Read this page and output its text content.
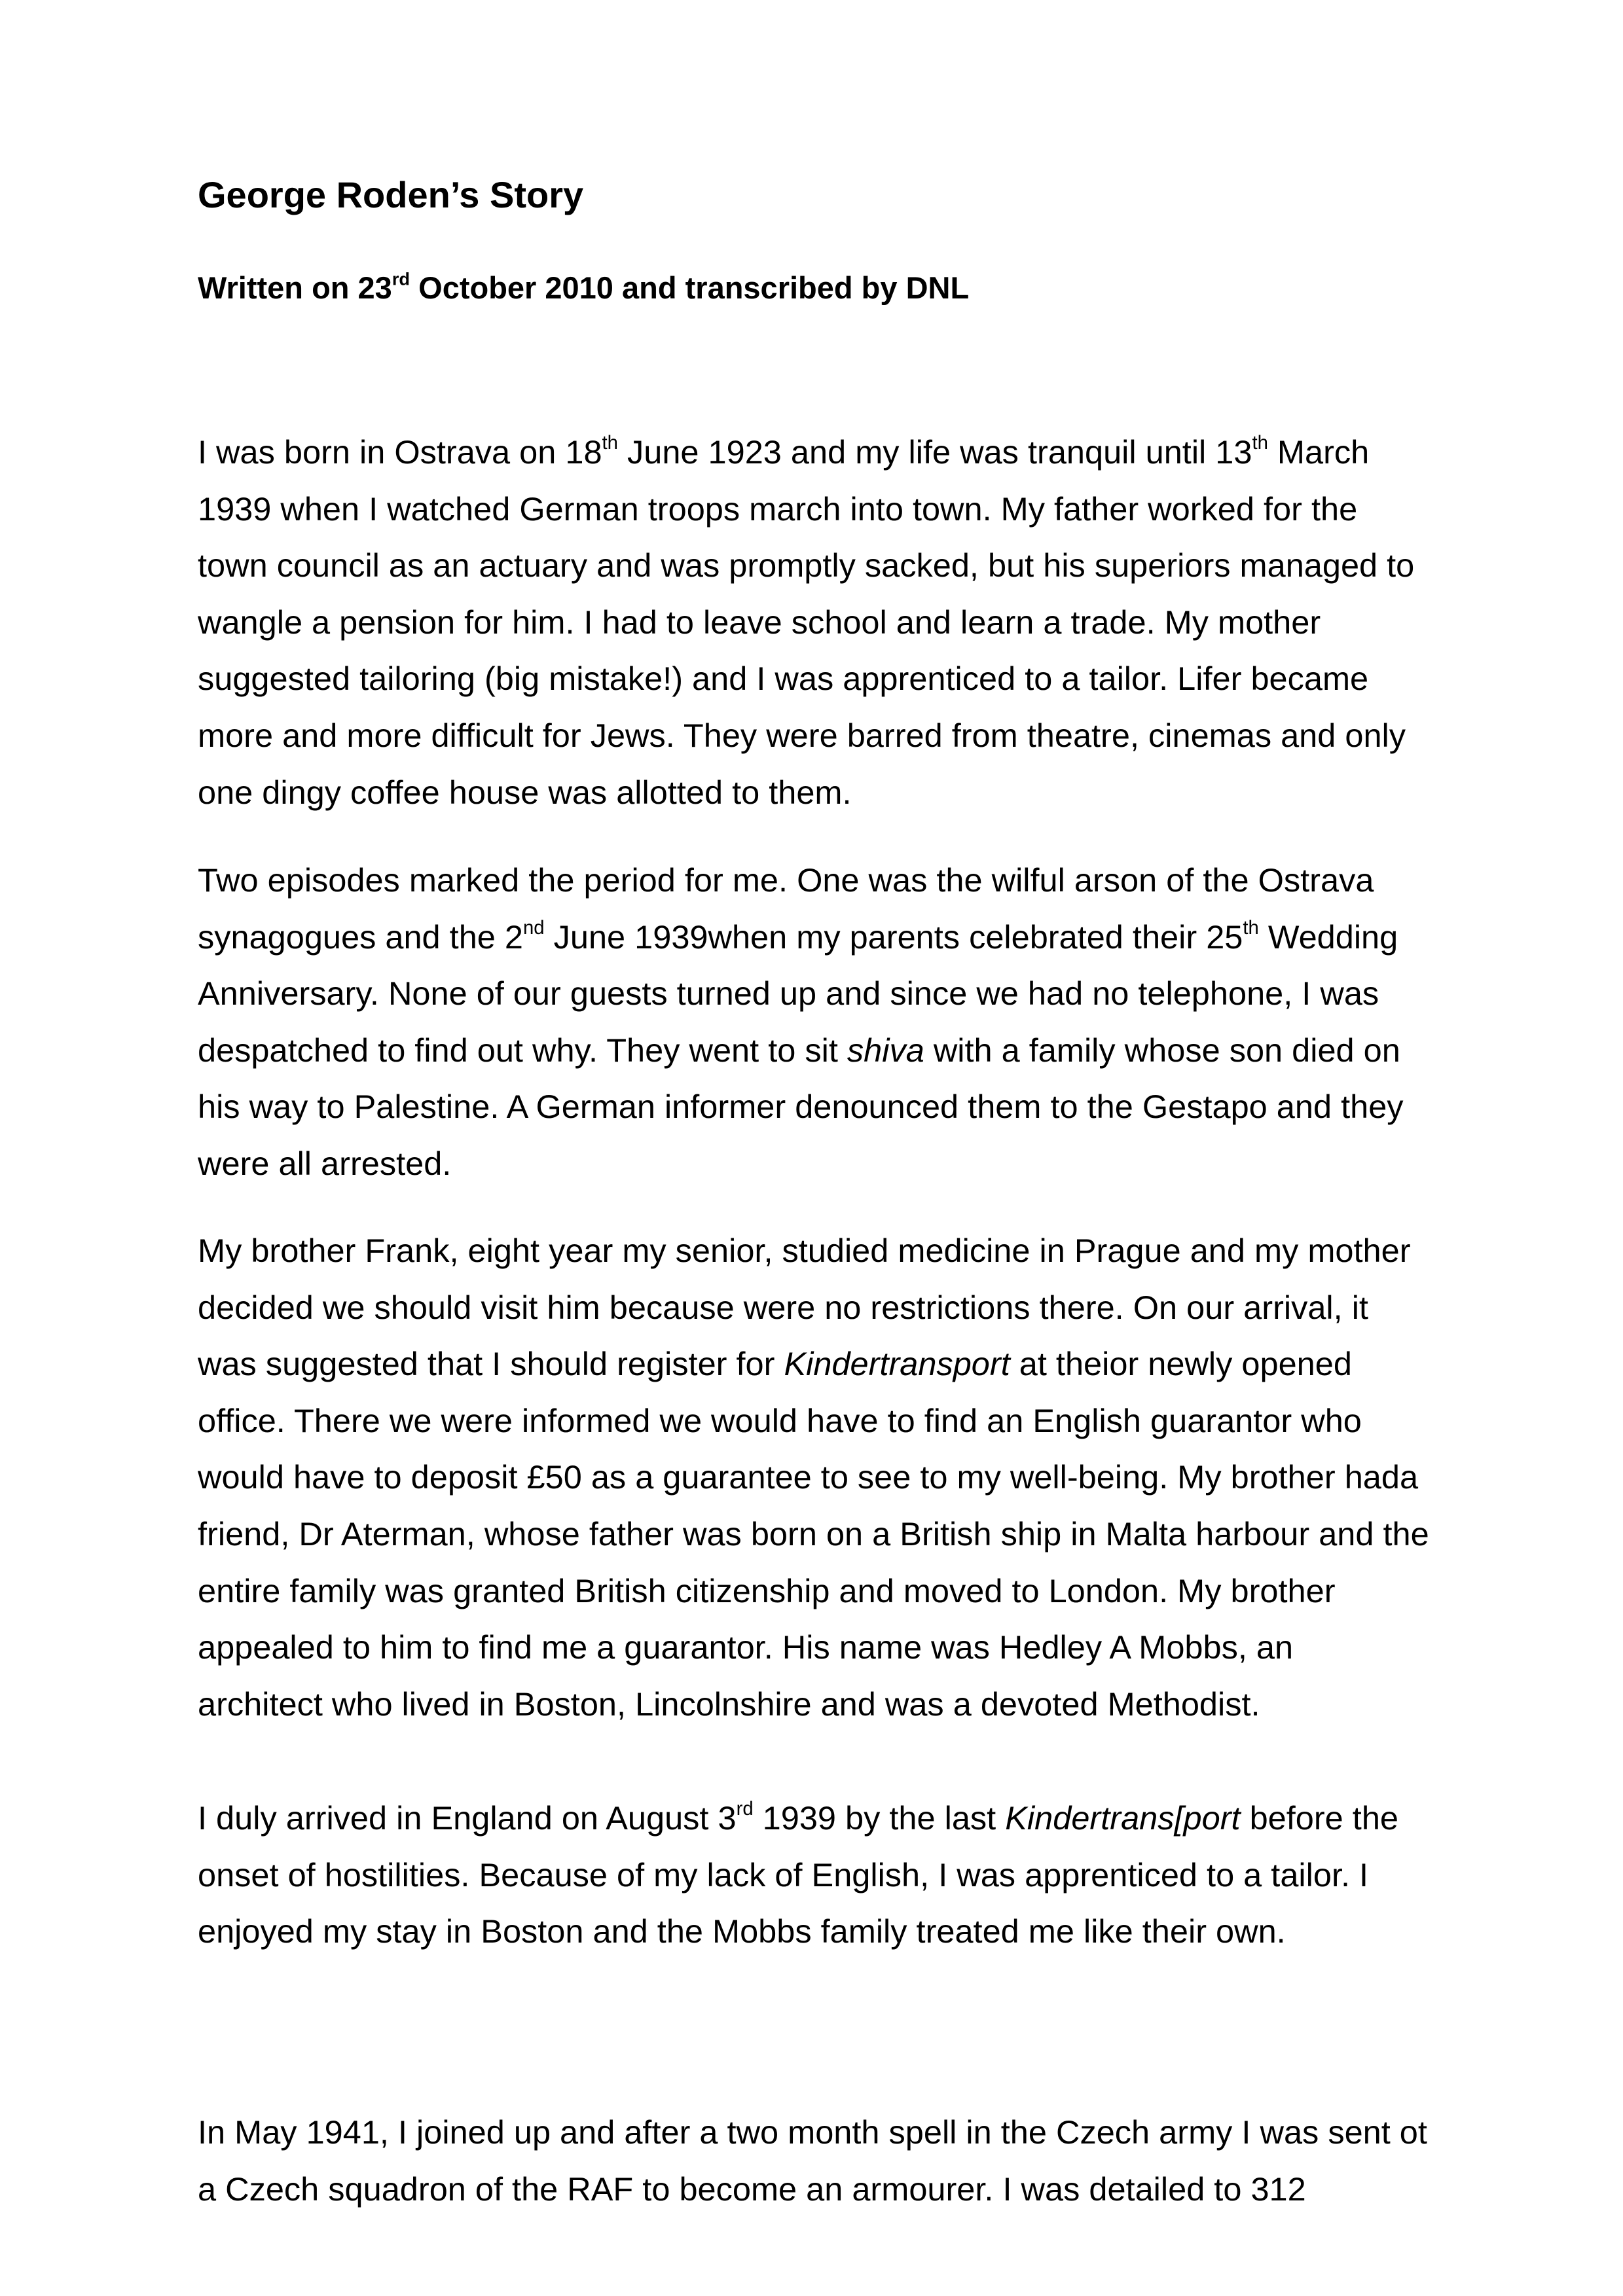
George Roden’s Story
Written on 23rd October 2010 and transcribed by DNL

I was born in Ostrava on 18th June 1923 and my life was tranquil until 13th March
1939 when I watched German troops march into town. My father worked for the
town council as an actuary and was promptly sacked, but his superiors managed to
wangle a pension for him. I had to leave school and learn a trade. My mother
suggested tailoring (big mistake!) and I was apprenticed to a tailor. Lifer became
more and more difficult for Jews. They were barred from theatre, cinemas and only
one dingy coffee house was allotted to them.

Two episodes marked the period for me. One was the wilful arson of the Ostrava
synagogues and the 2nd June 1939when my parents celebrated their 25th Wedding
Anniversary. None of our guests turned up and since we had no telephone, I was
despatched to find out why. They went to sit shiva with a family whose son died on
his way to Palestine. A German informer denounced them to the Gestapo and they
were all arrested.

My brother Frank, eight year my senior, studied medicine in Prague and my mother
decided we should visit him because were no restrictions there. On our arrival, it
was suggested that I should register for Kindertransport at theior newly opened
office. There we were informed we would have to find an English guarantor who
would have to deposit £50 as a guarantee to see to my well-being. My brother hada
friend, Dr Aterman, whose father was born on a British ship in Malta harbour and the
entire family was granted British citizenship and moved to London. My brother
appealed to him to find me a guarantor. His name was Hedley A Mobbs, an
architect who lived in Boston, Lincolnshire and was a devoted Methodist.

I duly arrived in England on August 3rd 1939 by the last Kindertrans[port before the
onset of hostilities. Because of my lack of English, I was apprenticed to a tailor. I
enjoyed my stay in Boston and the Mobbs family treated me like their own.

In May 1941, I joined up and after a two month spell in the Czech army I was sent ot
a Czech squadron of the RAF to become an armourer. I was detailed to 312
